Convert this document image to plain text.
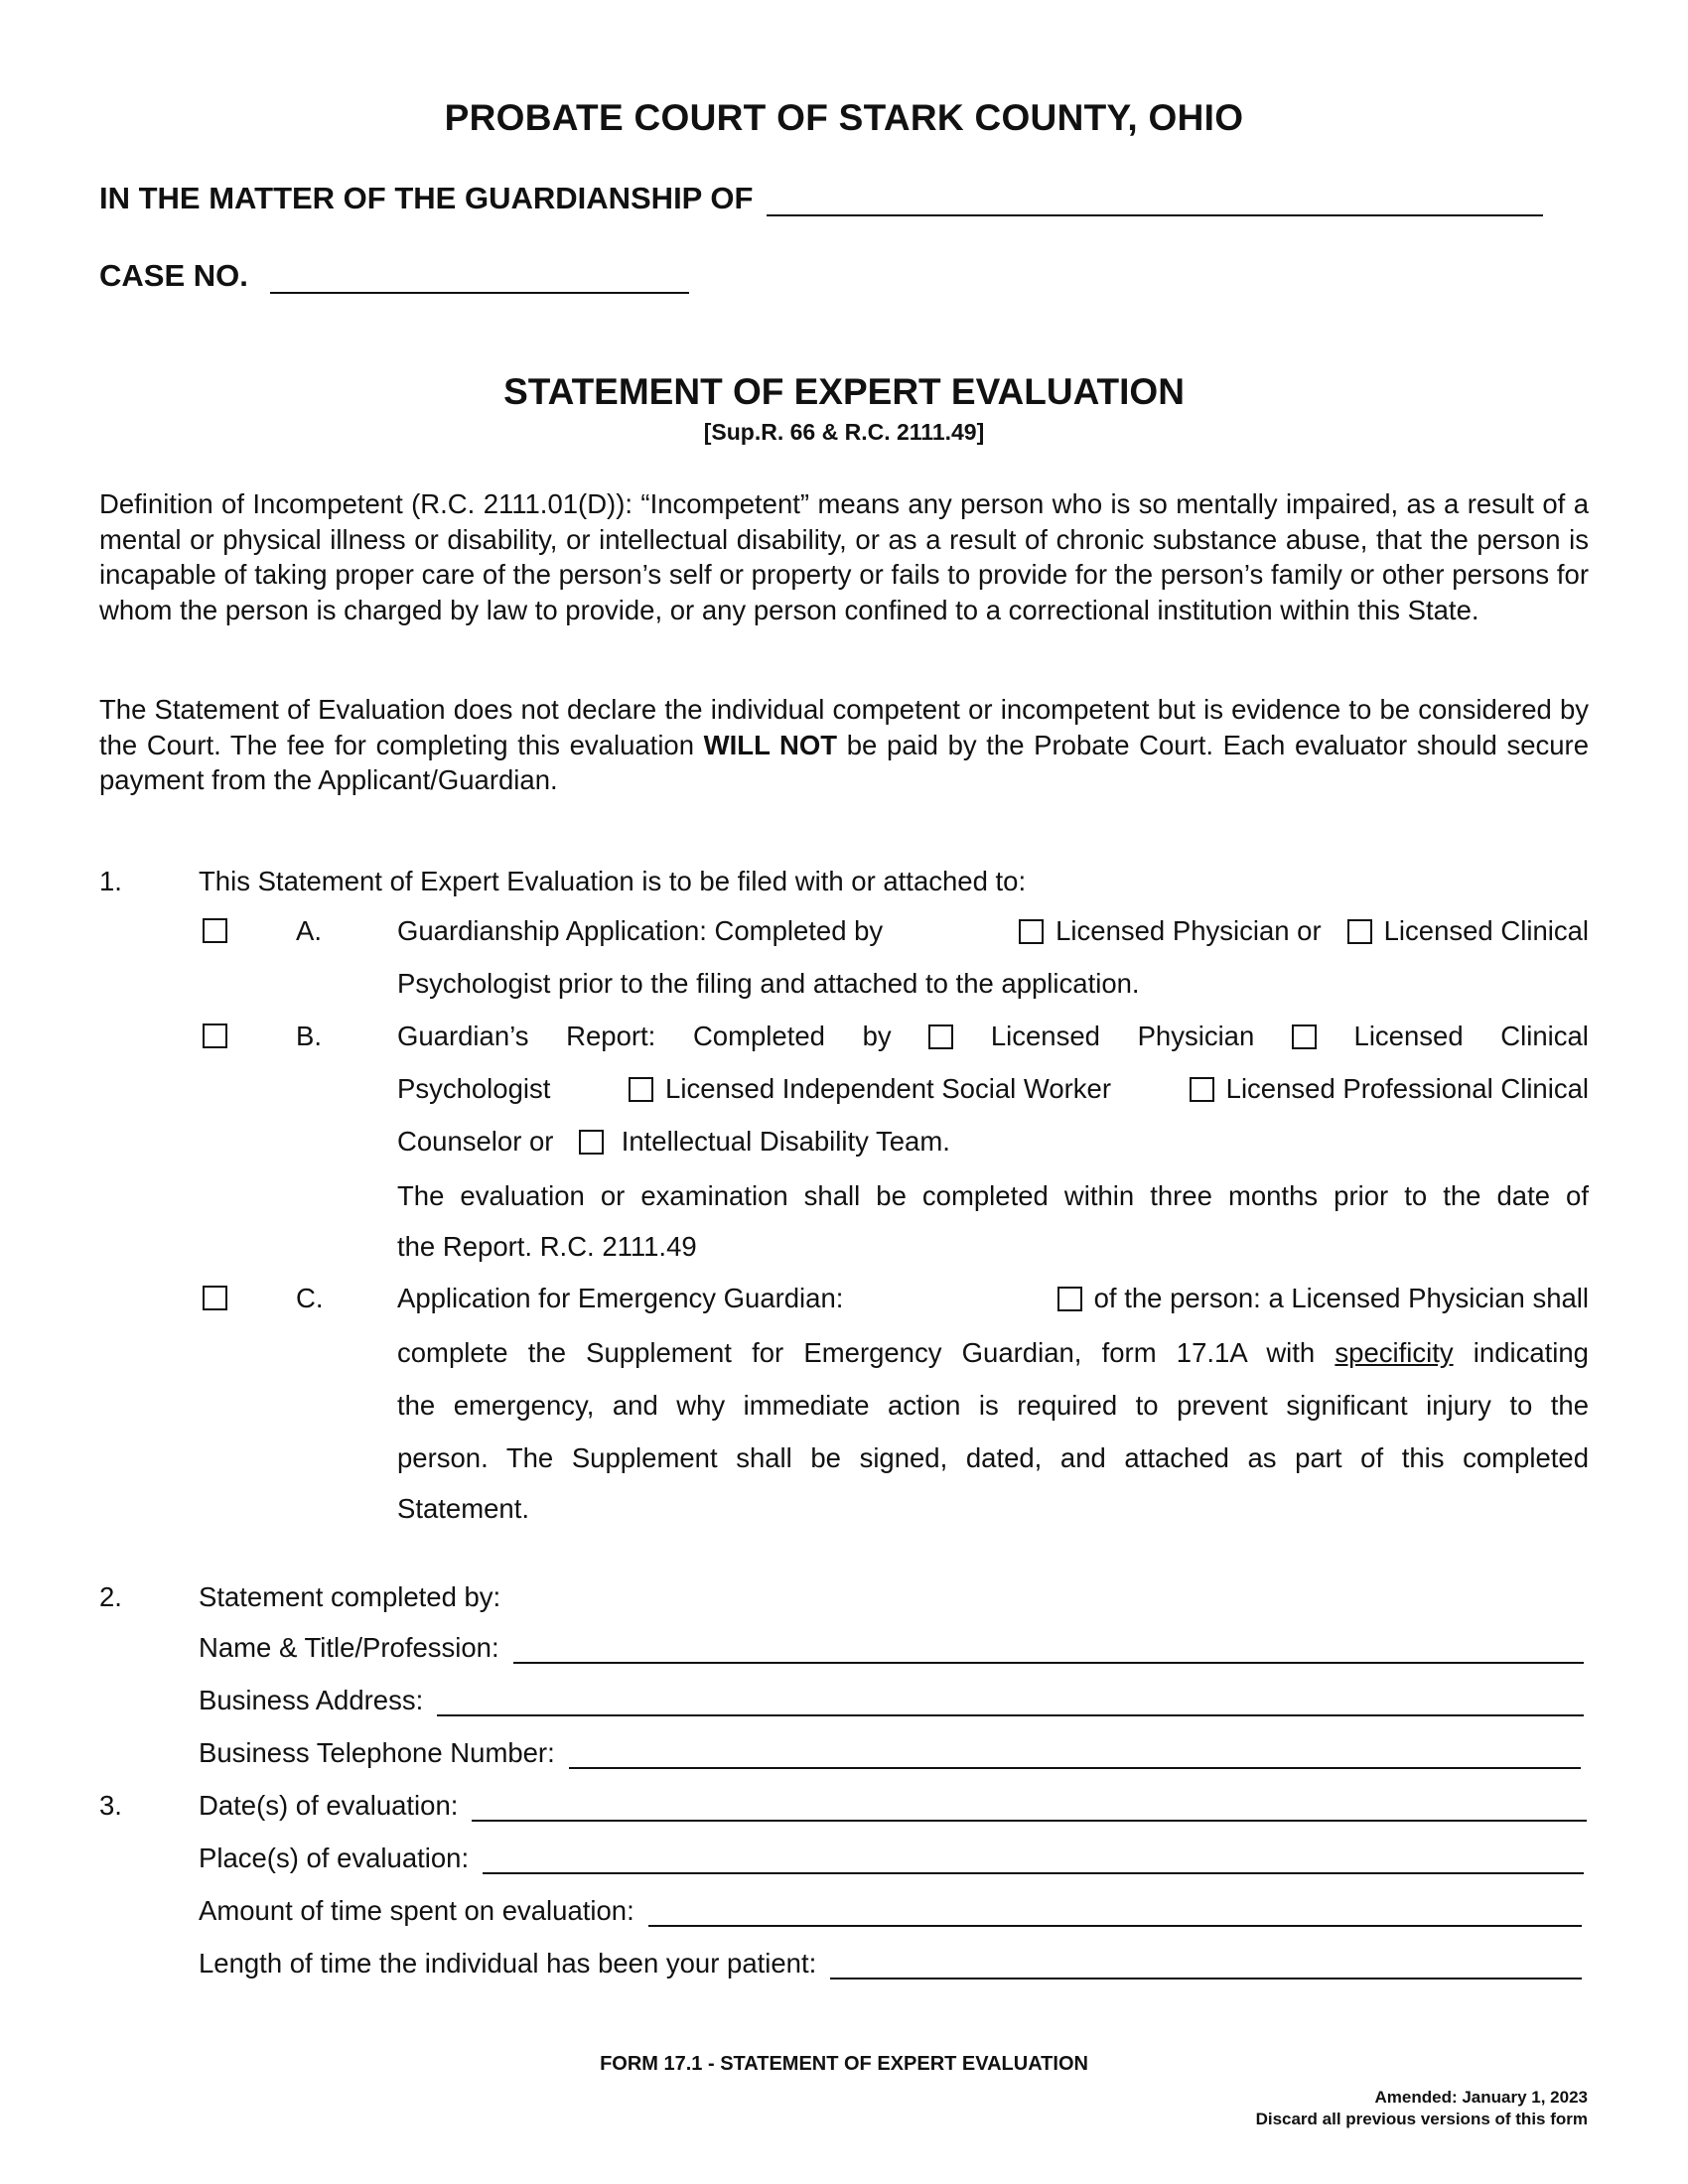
PROBATE COURT OF STARK COUNTY, OHIO
IN THE MATTER OF THE GUARDIANSHIP OF
CASE NO.
STATEMENT OF EXPERT EVALUATION
[Sup.R. 66 & R.C. 2111.49]
Definition of Incompetent (R.C. 2111.01(D)): “Incompetent” means any person who is so mentally impaired, as a result of a mental or physical illness or disability, or intellectual disability, or as a result of chronic substance abuse, that the person is incapable of taking proper care of the person’s self or property or fails to provide for the person’s family or other persons for whom the person is charged by law to provide, or any person confined to a correctional institution within this State.
The Statement of Evaluation does not declare the individual competent or incompetent but is evidence to be considered by the Court. The fee for completing this evaluation WILL NOT be paid by the Probate Court. Each evaluator should secure payment from the Applicant/Guardian.
1.	This Statement of Expert Evaluation is to be filed with or attached to:
A.	Guardianship Application: Completed by	Licensed Physician or Licensed Clinical
Psychologist prior to the filing and attached to the application.
B.	Guardian’s Report: Completed by	Licensed Physician	Licensed Clinical
Psychologist	Licensed Independent Social Worker	Licensed Professional Clinical
Counselor or Intellectual Disability Team.
The evaluation or examination shall be completed within three months prior to the date of
the Report. R.C. 2111.49
C.	Application for Emergency Guardian:	of the person: a Licensed Physician shall
complete the Supplement for Emergency Guardian, form 17.1A with specificity indicating
the emergency, and why immediate action is required to prevent significant injury to the
person. The Supplement shall be signed, dated, and attached as part of this completed
Statement.
2.	Statement completed by:
Name & Title/Profession:
Business Address:
Business Telephone Number:
3.	Date(s) of evaluation:
Place(s) of evaluation:
Amount of time spent on evaluation:
Length of time the individual has been your patient:
FORM 17.1 - STATEMENT OF EXPERT EVALUATION
Amended: January 1, 2023
Discard all previous versions of this form
